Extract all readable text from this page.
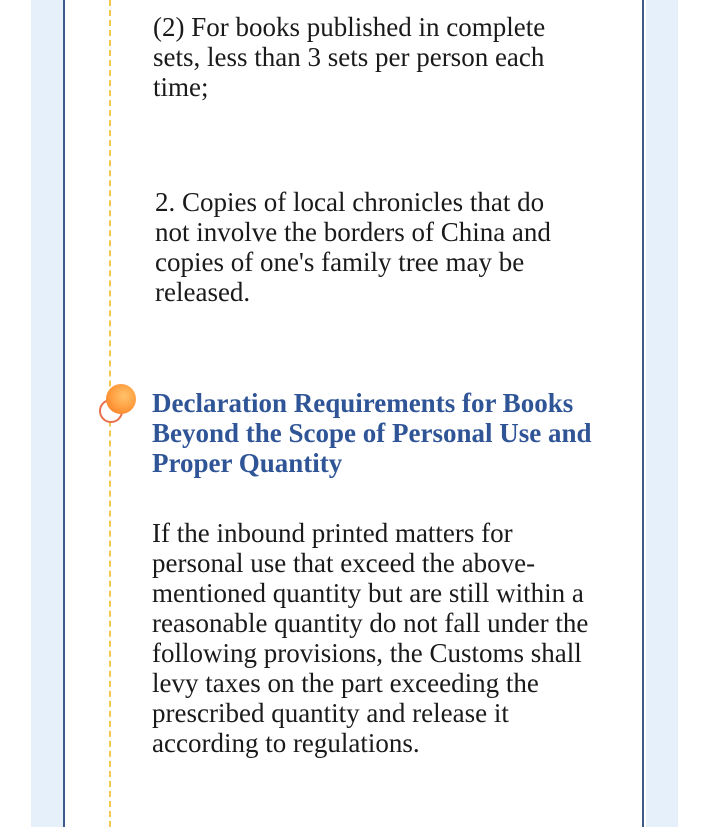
(2) For books published in complete sets, less than 3 sets per person each time;

2. Copies of local chronicles that do not involve the borders of China and copies of one's family tree may be released.

Declaration Requirements for Books Beyond the Scope of Personal Use and Proper Quantity

If the inbound printed matters for personal use that exceed the above-mentioned quantity but are still within a reasonable quantity do not fall under the following provisions, the Customs shall levy taxes on the part exceeding the prescribed quantity and release it according to regulations.
